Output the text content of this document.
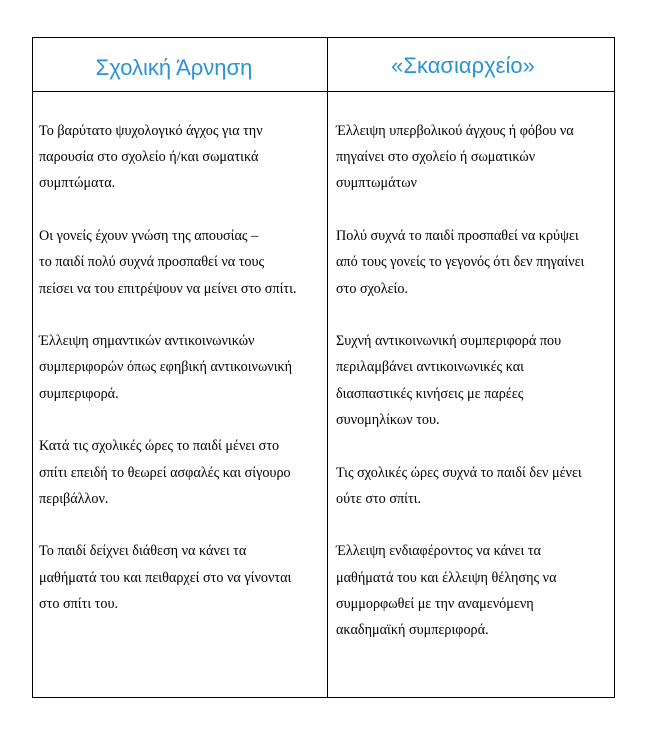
Σχολική Άρνηση	«Σκασιαρχείο»

Το βαρύτατο ψυχολογικό άγχος για την
παρουσία στο σχολείο ή/και σωματικά
συμπτώματα.

Οι γονείς έχουν γνώση της απουσίας –
το παιδί πολύ συχνά προσπαθεί να τους
πείσει να του επιτρέψουν να μείνει στο σπίτι.

Έλλειψη σημαντικών αντικοινωνικών
συμπεριφορών όπως εφηβική αντικοινωνική
συμπεριφορά.

Κατά τις σχολικές ώρες το παιδί μένει στο
σπίτι επειδή το θεωρεί ασφαλές και σίγουρο
περιβάλλον.

Το παιδί δείχνει διάθεση να κάνει τα
μαθήματά του και πειθαρχεί στο να γίνονται
στο σπίτι του.

Έλλειψη υπερβολικού άγχους ή φόβου να
πηγαίνει στο σχολείο ή σωματικών
συμπτωμάτων

Πολύ συχνά το παιδί προσπαθεί να κρύψει
από τους γονείς το γεγονός ότι δεν πηγαίνει
στο σχολείο.

Συχνή αντικοινωνική συμπεριφορά που
περιλαμβάνει αντικοινωνικές και
διασπαστικές κινήσεις με παρέες
συνομηλίκων του.

Τις σχολικές ώρες συχνά το παιδί δεν μένει
ούτε στο σπίτι.

Έλλειψη ενδιαφέροντος να κάνει τα
μαθήματά του και έλλειψη θέλησης να
συμμορφωθεί με την αναμενόμενη
ακαδημαϊκή συμπεριφορά.
